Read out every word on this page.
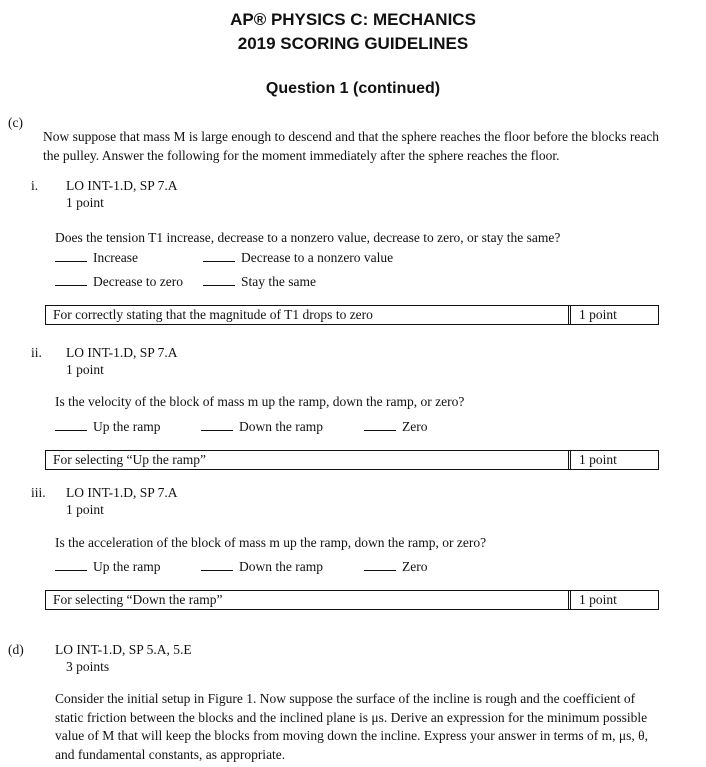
AP® PHYSICS C: MECHANICS
2019 SCORING GUIDELINES
Question 1 (continued)
(c)
Now suppose that mass M is large enough to descend and that the sphere reaches the floor before the blocks reach the pulley. Answer the following for the moment immediately after the sphere reaches the floor.
i. LO INT-1.D, SP 7.A
1 point
Does the tension T1 increase, decrease to a nonzero value, decrease to zero, or stay the same?
Increase	Decrease to a nonzero value
Decrease to zero	Stay the same
For correctly stating that the magnitude of T1 drops to zero	1 point
ii. LO INT-1.D, SP 7.A
1 point
Is the velocity of the block of mass m up the ramp, down the ramp, or zero?
Up the ramp	Down the ramp	Zero
For selecting “Up the ramp”	1 point
iii. LO INT-1.D, SP 7.A
1 point
Is the acceleration of the block of mass m up the ramp, down the ramp, or zero?
Up the ramp	Down the ramp	Zero
For selecting “Down the ramp”	1 point
(d) LO INT-1.D, SP 5.A, 5.E
3 points
Consider the initial setup in Figure 1. Now suppose the surface of the incline is rough and the coefficient of static friction between the blocks and the inclined plane is μs. Derive an expression for the minimum possible value of M that will keep the blocks from moving down the incline. Express your answer in terms of m, μs, θ, and fundamental constants, as appropriate.
